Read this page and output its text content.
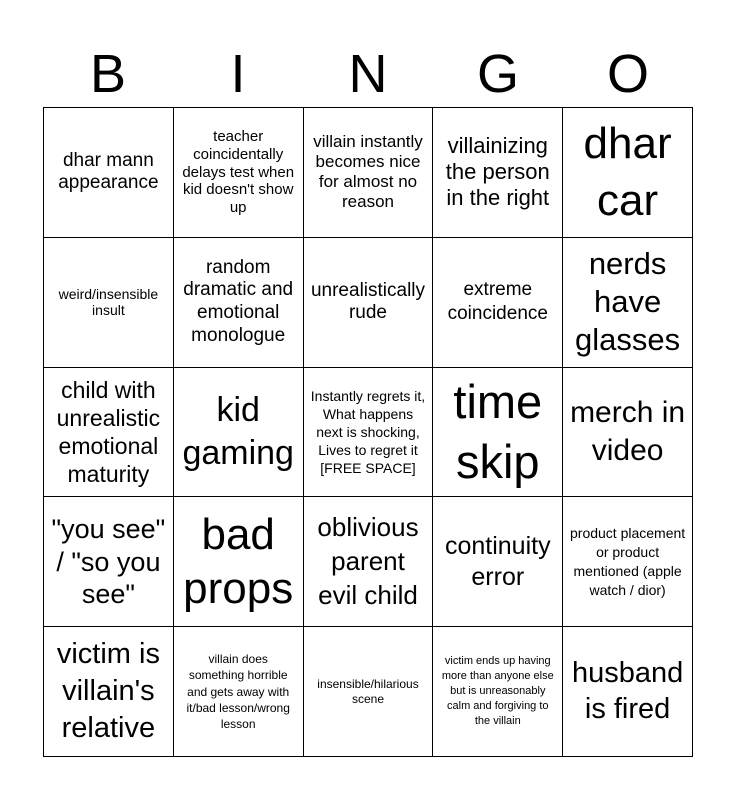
B	I	N	G	O
dhar mann appearance
teacher coincidentally delays test when kid doesn't show up
villain instantly becomes nice for almost no reason
villainizing the person in the right
dhar car
weird/insensible insult
random dramatic and emotional monologue
unrealistically rude
extreme coincidence
nerds have glasses
child with unrealistic emotional maturity
kid gaming
Instantly regrets it, What happens next is shocking, Lives to regret it [FREE SPACE]
time skip
merch in video
"you see" / "so you see"
bad props
oblivious parent evil child
continuity error
product placement or product mentioned (apple watch / dior)
victim is villain's relative
villain does something horrible and gets away with it/bad lesson/wrong lesson
insensible/hilarious scene
victim ends up having more than anyone else but is unreasonably calm and forgiving to the villain
husband is fired
